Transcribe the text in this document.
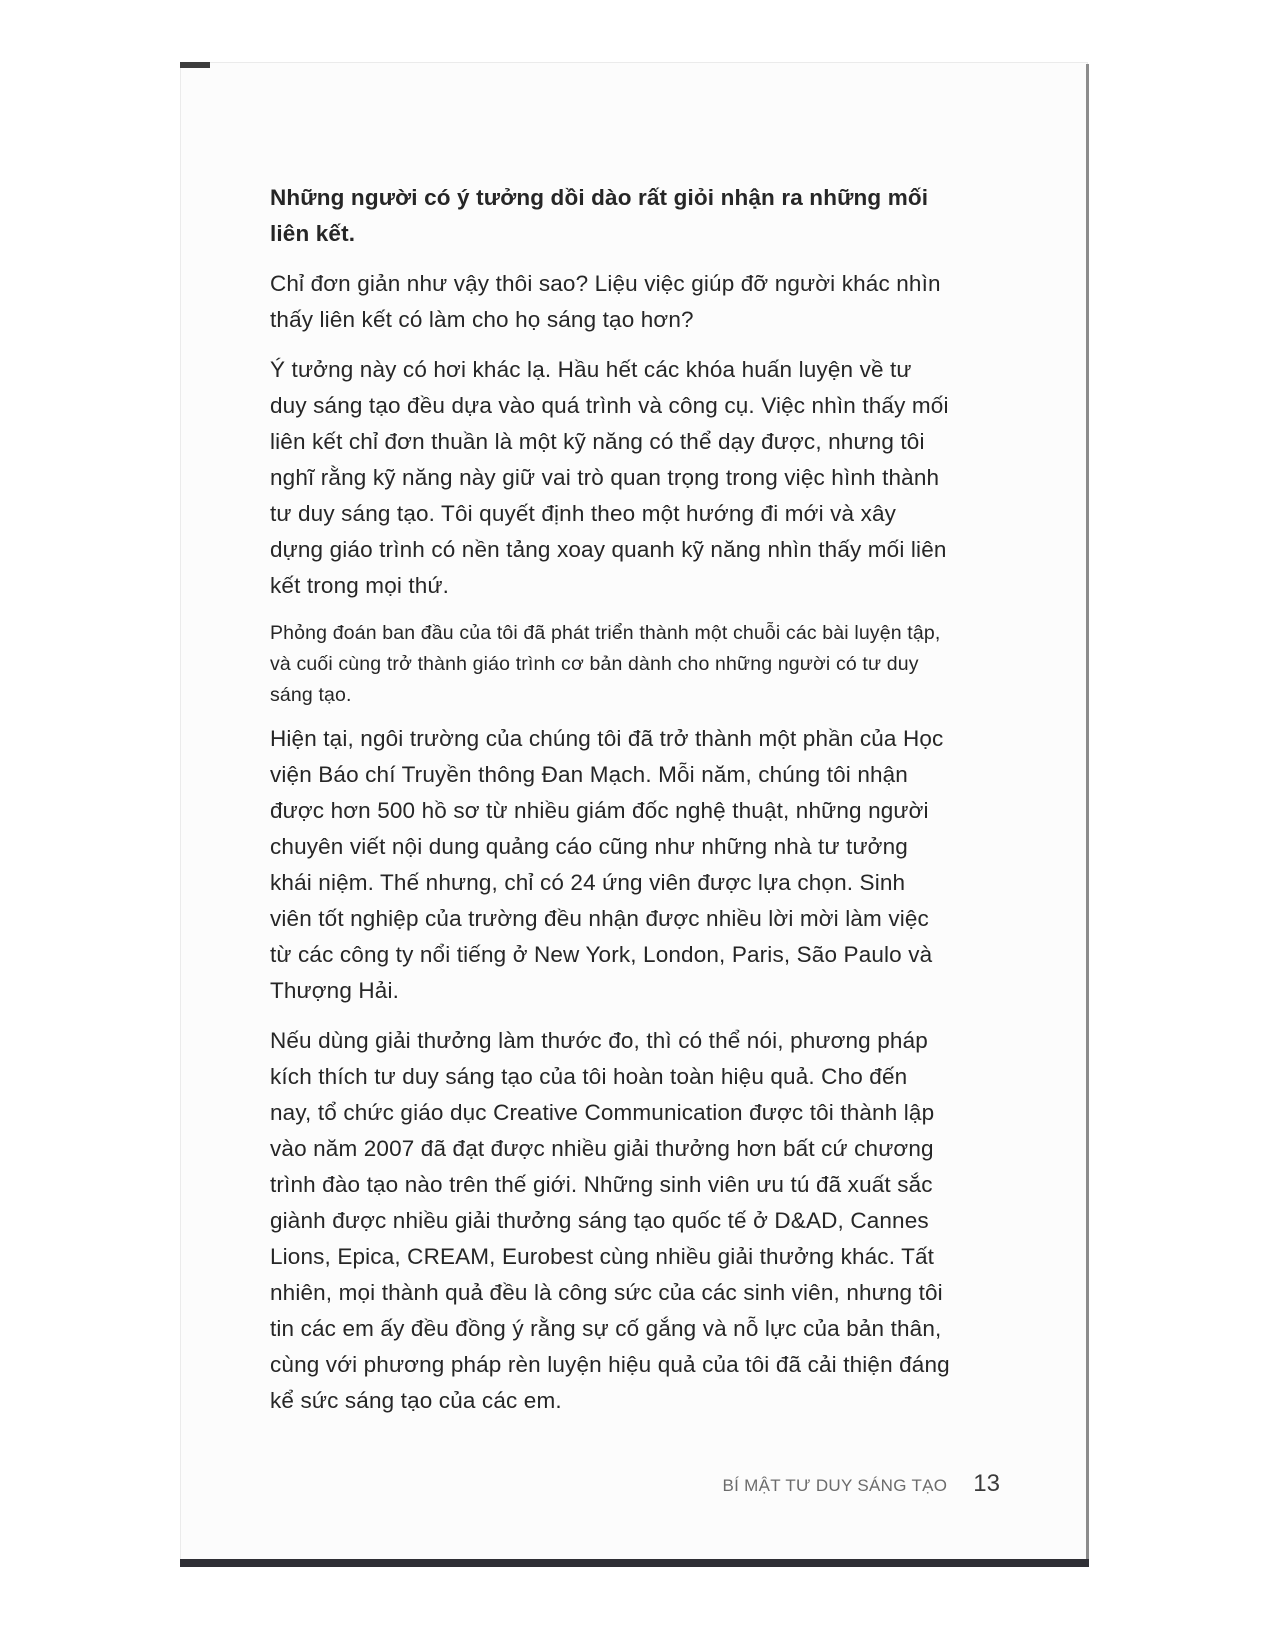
Những người có ý tưởng dồi dào rất giỏi nhận ra những mối liên kết.

Chỉ đơn giản như vậy thôi sao? Liệu việc giúp đỡ người khác nhìn thấy liên kết có làm cho họ sáng tạo hơn?

Ý tưởng này có hơi khác lạ. Hầu hết các khóa huấn luyện về tư duy sáng tạo đều dựa vào quá trình và công cụ. Việc nhìn thấy mối liên kết chỉ đơn thuần là một kỹ năng có thể dạy được, nhưng tôi nghĩ rằng kỹ năng này giữ vai trò quan trọng trong việc hình thành tư duy sáng tạo. Tôi quyết định theo một hướng đi mới và xây dựng giáo trình có nền tảng xoay quanh kỹ năng nhìn thấy mối liên kết trong mọi thứ.

Phỏng đoán ban đầu của tôi đã phát triển thành một chuỗi các bài luyện tập, và cuối cùng trở thành giáo trình cơ bản dành cho những người có tư duy sáng tạo.

Hiện tại, ngôi trường của chúng tôi đã trở thành một phần của Học viện Báo chí Truyền thông Đan Mạch. Mỗi năm, chúng tôi nhận được hơn 500 hồ sơ từ nhiều giám đốc nghệ thuật, những người chuyên viết nội dung quảng cáo cũng như những nhà tư tưởng khái niệm. Thế nhưng, chỉ có 24 ứng viên được lựa chọn. Sinh viên tốt nghiệp của trường đều nhận được nhiều lời mời làm việc từ các công ty nổi tiếng ở New York, London, Paris, São Paulo và Thượng Hải.

Nếu dùng giải thưởng làm thước đo, thì có thể nói, phương pháp kích thích tư duy sáng tạo của tôi hoàn toàn hiệu quả. Cho đến nay, tổ chức giáo dục Creative Communication được tôi thành lập vào năm 2007 đã đạt được nhiều giải thưởng hơn bất cứ chương trình đào tạo nào trên thế giới. Những sinh viên ưu tú đã xuất sắc giành được nhiều giải thưởng sáng tạo quốc tế ở D&AD, Cannes Lions, Epica, CREAM, Eurobest cùng nhiều giải thưởng khác. Tất nhiên, mọi thành quả đều là công sức của các sinh viên, nhưng tôi tin các em ấy đều đồng ý rằng sự cố gắng và nỗ lực của bản thân, cùng với phương pháp rèn luyện hiệu quả của tôi đã cải thiện đáng kể sức sáng tạo của các em.

BÍ MẬT TƯ DUY SÁNG TẠO 13
